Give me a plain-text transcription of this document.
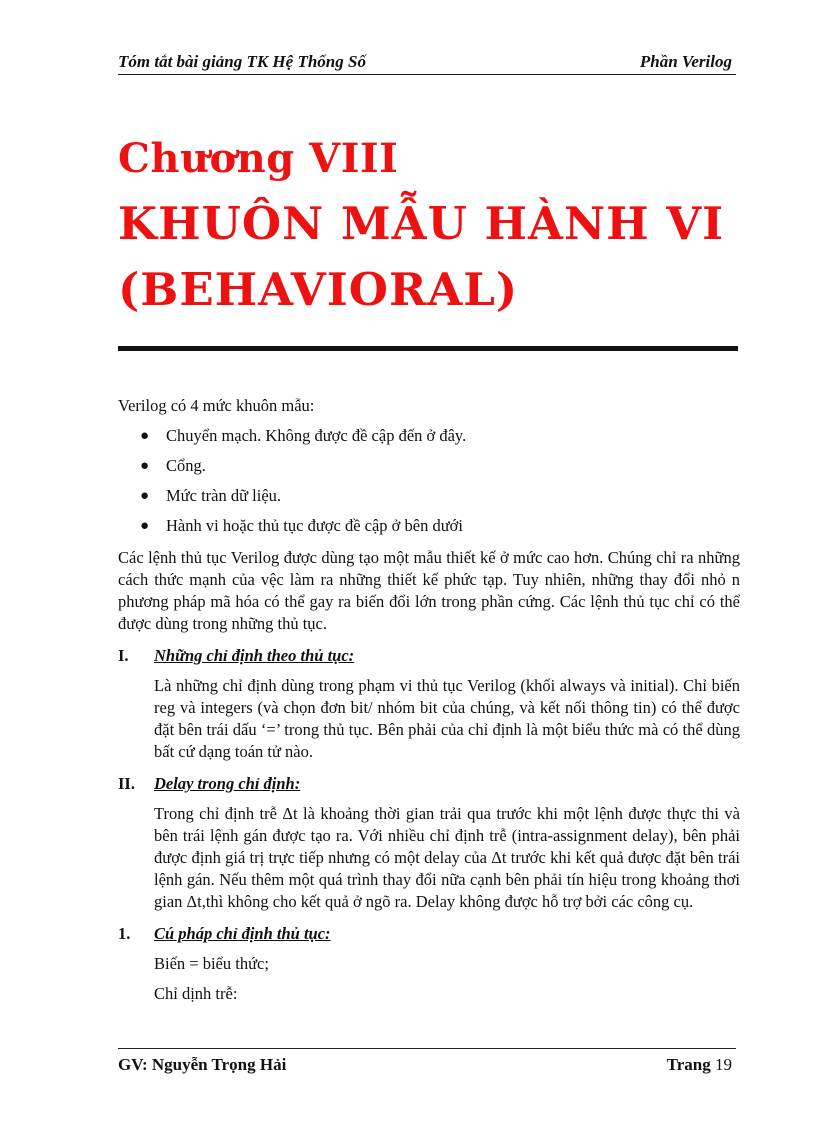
Tóm tắt bài giảng TK Hệ Thống Số	Phần Verilog
Chương VIII
KHUÔN MẪU HÀNH VI
(BEHAVIORAL)

Verilog có 4 mức khuôn mẫu:

● Chuyển mạch. Không được đề cập đến ở đây.
● Cổng.
● Mức tràn dữ liệu.
● Hành vi hoặc thủ tục được đề cập ở bên dưới

Các lệnh thủ tục Verilog được dùng tạo một mẫu thiết kế ở mức cao hơn. Chúng chỉ ra những cách thức mạnh của vệc làm ra những thiết kế phức tạp. Tuy nhiên, những thay đổi nhỏ n phương pháp mã hóa có thể gay ra biến đổi lớn trong phần cứng. Các lệnh thủ tục chỉ có thể được dùng trong những thủ tục.

I. Những chỉ định theo thủ tục:

Là những chỉ định dùng trong phạm vi thủ tục Verilog (khối always và initial). Chỉ biến reg và integers (và chọn đơn bit/ nhóm bit của chúng, và kết nối thông tin) có thể được đặt bên trái dấu ‘=’ trong thủ tục. Bên phải của chỉ định là một biểu thức mà có thể dùng bất cứ dạng toán tử nào.

II. Delay trong chỉ định:

Trong chỉ định trễ Δt là khoảng thời gian trải qua trước khi một lệnh được thực thi và bên trái lệnh gán được tạo ra. Với nhiều chỉ định trễ (intra-assignment delay), bên phải được định giá trị trực tiếp nhưng có một delay của Δt trước khi kết quả được đặt bên trái lệnh gán. Nếu thêm một quá trình thay đổi nữa cạnh bên phải tín hiệu trong khoảng thơi gian Δt,thì không cho kết quả ở ngõ ra. Delay không được hỗ trợ bởi các công cụ.

1. Cú pháp chỉ định thủ tục:

Biến = biểu thức;

Chỉ dịnh trễ:

GV: Nguyễn Trọng Hải	Trang 19
